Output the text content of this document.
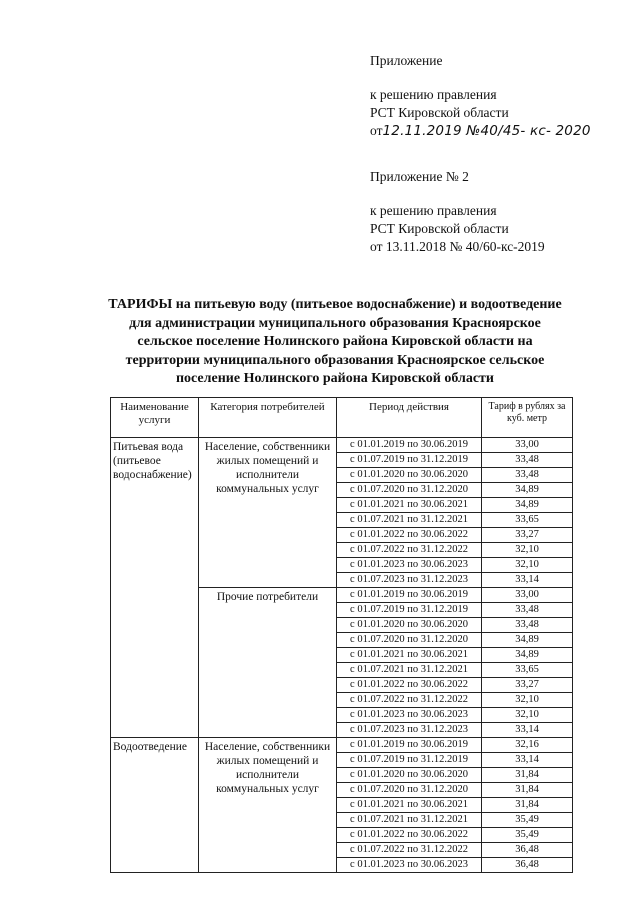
Приложение
к решению правления
РСТ Кировской области
от12.11.2019 №40/45- кс- 2020
Приложение № 2
к решению правления
РСТ Кировской области
от 13.11.2018 № 40/60-кс-2019
ТАРИФЫ на питьевую воду (питьевое водоснабжение) и водоотведение
для администрации муниципального образования Красноярское
сельское поселение Нолинского района Кировской области на
территории муниципального образования Красноярское сельское
поселение Нолинского района Кировской области
Наименование услуги	Категория потребителей	Период действия	Тариф в рублях за куб. метр
Питьевая вода (питьевое водоснабжение)	Население, собственники жилых помещений и исполнители коммунальных услуг	с 01.01.2019 по 30.06.2019	33,00
		с 01.07.2019 по 31.12.2019	33,48
		с 01.01.2020 по 30.06.2020	33,48
		с 01.07.2020 по 31.12.2020	34,89
		с 01.01.2021 по 30.06.2021	34,89
		с 01.07.2021 по 31.12.2021	33,65
		с 01.01.2022 по 30.06.2022	33,27
		с 01.07.2022 по 31.12.2022	32,10
		с 01.01.2023 по 30.06.2023	32,10
		с 01.07.2023 по 31.12.2023	33,14
	Прочие потребители	с 01.01.2019 по 30.06.2019	33,00
		с 01.07.2019 по 31.12.2019	33,48
		с 01.01.2020 по 30.06.2020	33,48
		с 01.07.2020 по 31.12.2020	34,89
		с 01.01.2021 по 30.06.2021	34,89
		с 01.07.2021 по 31.12.2021	33,65
		с 01.01.2022 по 30.06.2022	33,27
		с 01.07.2022 по 31.12.2022	32,10
		с 01.01.2023 по 30.06.2023	32,10
		с 01.07.2023 по 31.12.2023	33,14
Водоотведение	Население, собственники жилых помещений и исполнители коммунальных услуг	с 01.01.2019 по 30.06.2019	32,16
		с 01.07.2019 по 31.12.2019	33,14
		с 01.01.2020 по 30.06.2020	31,84
		с 01.07.2020 по 31.12.2020	31,84
		с 01.01.2021 по 30.06.2021	31,84
		с 01.07.2021 по 31.12.2021	35,49
		с 01.01.2022 по 30.06.2022	35,49
		с 01.07.2022 по 31.12.2022	36,48
		с 01.01.2023 по 30.06.2023	36,48
